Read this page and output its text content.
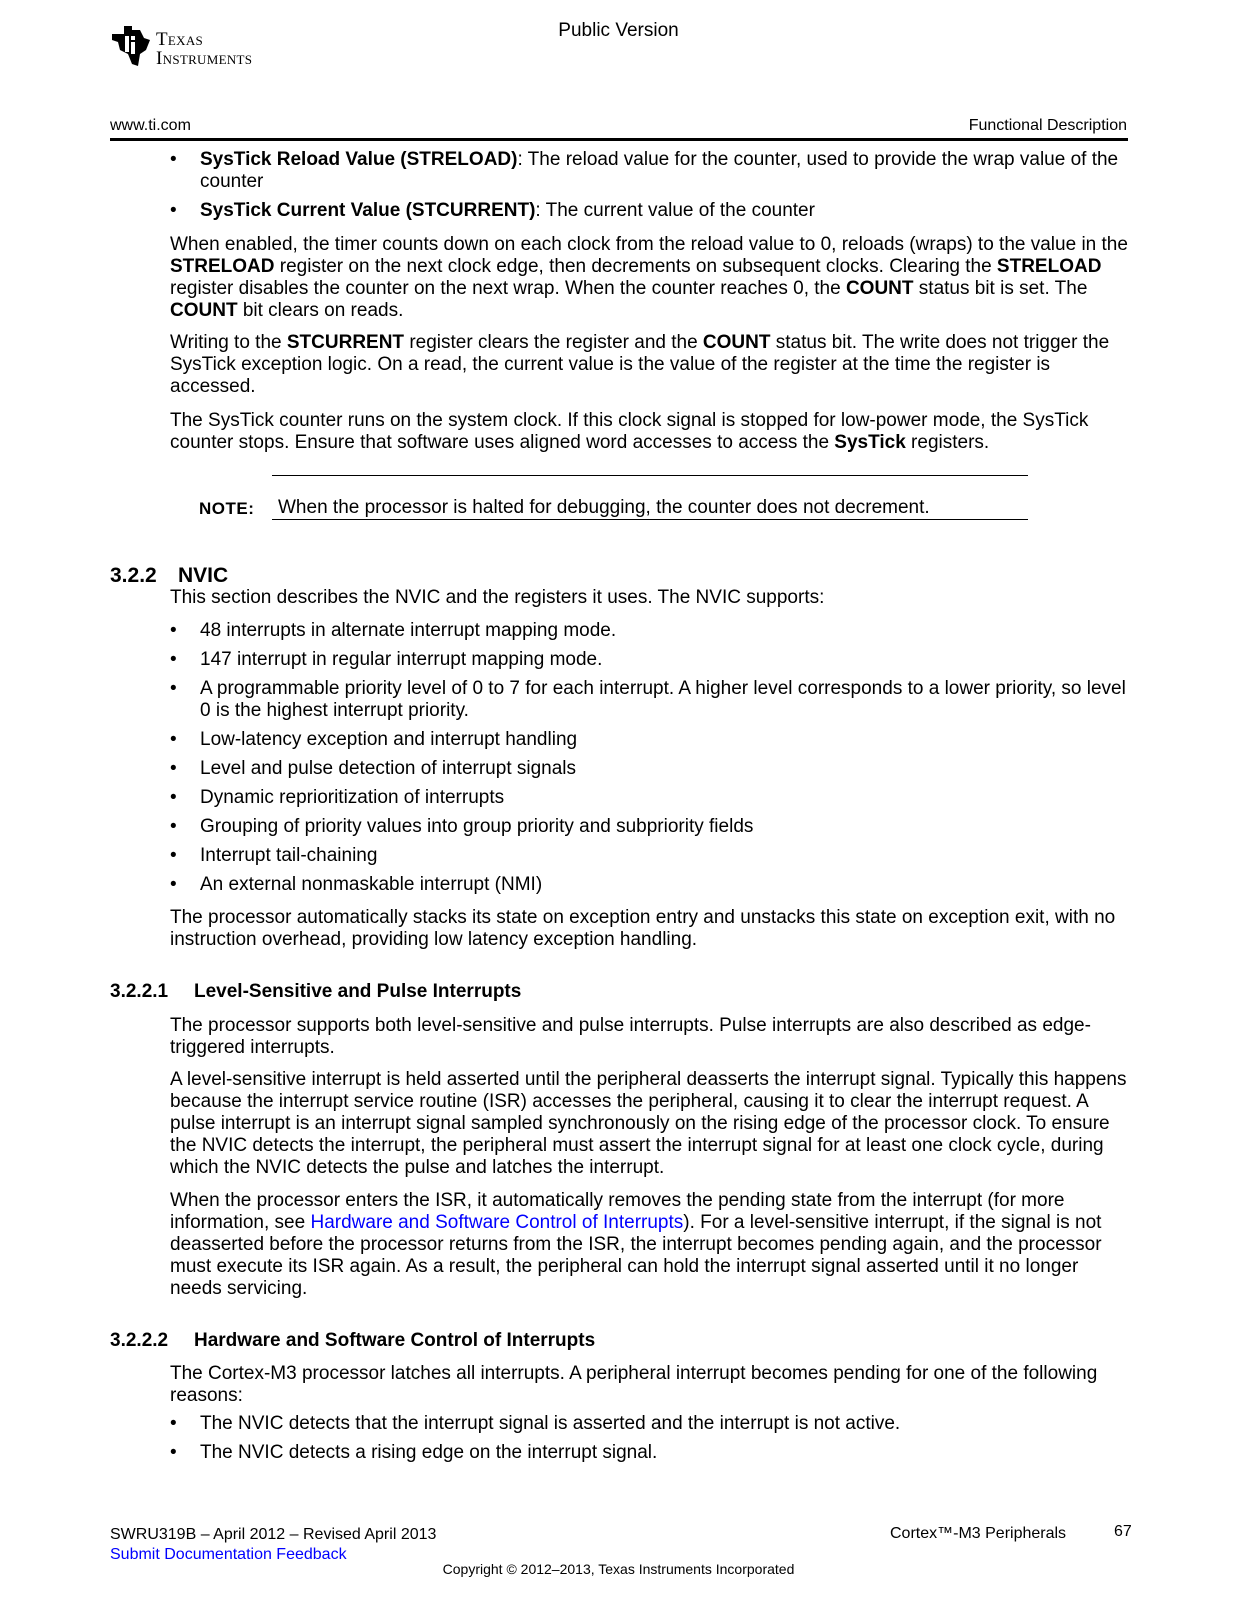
Texas
Instruments
Public Version
www.ti.com	Functional Description
• SysTick Reload Value (STRELOAD): The reload value for the counter, used to provide the wrap value of the counter
• SysTick Current Value (STCURRENT): The current value of the counter
When enabled, the timer counts down on each clock from the reload value to 0, reloads (wraps) to the value in the STRELOAD register on the next clock edge, then decrements on subsequent clocks. Clearing the STRELOAD register disables the counter on the next wrap. When the counter reaches 0, the COUNT status bit is set. The COUNT bit clears on reads.
Writing to the STCURRENT register clears the register and the COUNT status bit. The write does not trigger the SysTick exception logic. On a read, the current value is the value of the register at the time the register is accessed.
The SysTick counter runs on the system clock. If this clock signal is stopped for low-power mode, the SysTick counter stops. Ensure that software uses aligned word accesses to access the SysTick registers.
NOTE: When the processor is halted for debugging, the counter does not decrement.
3.2.2 NVIC
This section describes the NVIC and the registers it uses. The NVIC supports:
• 48 interrupts in alternate interrupt mapping mode.
• 147 interrupt in regular interrupt mapping mode.
• A programmable priority level of 0 to 7 for each interrupt. A higher level corresponds to a lower priority, so level 0 is the highest interrupt priority.
• Low-latency exception and interrupt handling
• Level and pulse detection of interrupt signals
• Dynamic reprioritization of interrupts
• Grouping of priority values into group priority and subpriority fields
• Interrupt tail-chaining
• An external nonmaskable interrupt (NMI)
The processor automatically stacks its state on exception entry and unstacks this state on exception exit, with no instruction overhead, providing low latency exception handling.
3.2.2.1 Level-Sensitive and Pulse Interrupts
The processor supports both level-sensitive and pulse interrupts. Pulse interrupts are also described as edge-triggered interrupts.
A level-sensitive interrupt is held asserted until the peripheral deasserts the interrupt signal. Typically this happens because the interrupt service routine (ISR) accesses the peripheral, causing it to clear the interrupt request. A pulse interrupt is an interrupt signal sampled synchronously on the rising edge of the processor clock. To ensure the NVIC detects the interrupt, the peripheral must assert the interrupt signal for at least one clock cycle, during which the NVIC detects the pulse and latches the interrupt.
When the processor enters the ISR, it automatically removes the pending state from the interrupt (for more information, see Hardware and Software Control of Interrupts). For a level-sensitive interrupt, if the signal is not deasserted before the processor returns from the ISR, the interrupt becomes pending again, and the processor must execute its ISR again. As a result, the peripheral can hold the interrupt signal asserted until it no longer needs servicing.
3.2.2.2 Hardware and Software Control of Interrupts
The Cortex-M3 processor latches all interrupts. A peripheral interrupt becomes pending for one of the following reasons:
• The NVIC detects that the interrupt signal is asserted and the interrupt is not active.
• The NVIC detects a rising edge on the interrupt signal.
SWRU319B – April 2012 – Revised April 2013
Submit Documentation Feedback
Cortex™-M3 Peripherals	67
Copyright © 2012–2013, Texas Instruments Incorporated
